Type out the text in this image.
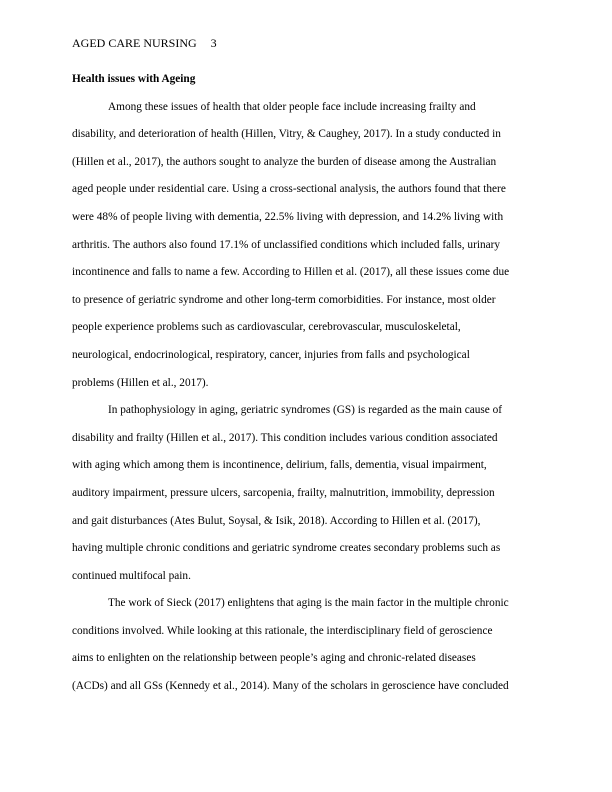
AGED CARE NURSING 3
Health issues with Ageing
Among these issues of health that older people face include increasing frailty and
disability, and deterioration of health (Hillen, Vitry, & Caughey, 2017). In a study conducted in
(Hillen et al., 2017), the authors sought to analyze the burden of disease among the Australian
aged people under residential care. Using a cross-sectional analysis, the authors found that there
were 48% of people living with dementia, 22.5% living with depression, and 14.2% living with
arthritis. The authors also found 17.1% of unclassified conditions which included falls, urinary
incontinence and falls to name a few. According to Hillen et al. (2017), all these issues come due
to presence of geriatric syndrome and other long-term comorbidities. For instance, most older
people experience problems such as cardiovascular, cerebrovascular, musculoskeletal,
neurological, endocrinological, respiratory, cancer, injuries from falls and psychological
problems (Hillen et al., 2017).
In pathophysiology in aging, geriatric syndromes (GS) is regarded as the main cause of
disability and frailty (Hillen et al., 2017). This condition includes various condition associated
with aging which among them is incontinence, delirium, falls, dementia, visual impairment,
auditory impairment, pressure ulcers, sarcopenia, frailty, malnutrition, immobility, depression
and gait disturbances (Ates Bulut, Soysal, & Isik, 2018). According to Hillen et al. (2017),
having multiple chronic conditions and geriatric syndrome creates secondary problems such as
continued multifocal pain.
The work of Sieck (2017) enlightens that aging is the main factor in the multiple chronic
conditions involved. While looking at this rationale, the interdisciplinary field of geroscience
aims to enlighten on the relationship between people’s aging and chronic-related diseases
(ACDs) and all GSs (Kennedy et al., 2014). Many of the scholars in geroscience have concluded
